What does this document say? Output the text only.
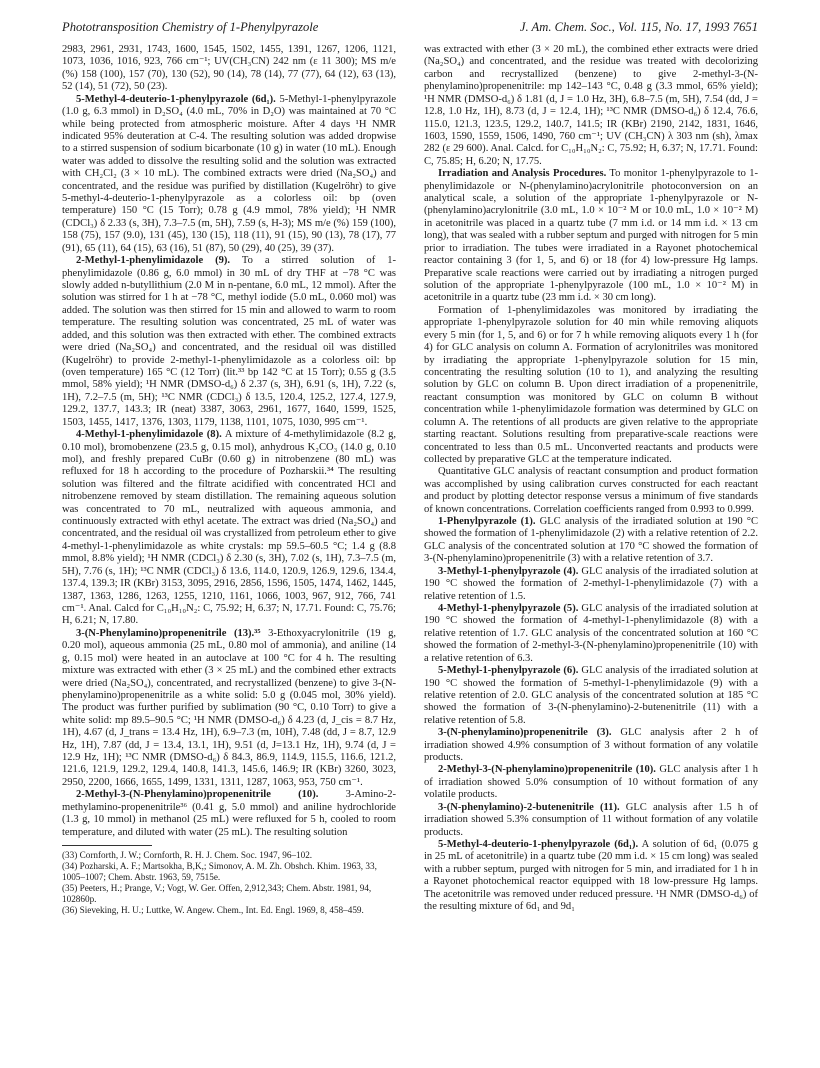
Phototransposition Chemistry of 1-Phenylpyrazole	J. Am. Chem. Soc., Vol. 115, No. 17, 1993 7651

2983, 2961, 2931, 1743, 1600, 1545, 1502, 1455, 1391, 1267, 1206, 1121, 1073, 1036, 1016, 923, 766 cm⁻¹; UV(CH₃CN) 242 nm (ε 11 300); MS m/e (%) 158 (100), 157 (70), 130 (52), 90 (14), 78 (14), 77 (77), 64 (12), 63 (13), 52 (14), 51 (72), 50 (23).

5-Methyl-4-deuterio-1-phenylpyrazole (6d₁). 5-Methyl-1-phenylpyrazole (1.0 g, 6.3 mmol) in D₂SO₄ (4.0 mL, 70% in D₂O) was maintained at 70 °C while being protected from atmospheric moisture. After 4 days ¹H NMR indicated 95% deuteration at C-4. The resulting solution was added dropwise to a stirred suspension of sodium bicarbonate (10 g) in water (10 mL). Enough water was added to dissolve the resulting solid and the solution was extracted with CH₂Cl₂ (3 × 10 mL). The combined extracts were dried (Na₂SO₄) and concentrated, and the residue was purified by distillation (Kugelröhr) to give 5-methyl-4-deuterio-1-phenylpyrazole as a colorless oil: bp (oven temperature) 150 °C (15 Torr); 0.78 g (4.9 mmol, 78% yield); ¹H NMR (CDCl₃) δ 2.33 (s, 3H), 7.3–7.5 (m, 5H), 7.59 (s, H-3); MS m/e (%) 159 (100), 158 (75), 157 (9.0), 131 (45), 130 (15), 118 (11), 91 (15), 90 (13), 78 (17), 77 (91), 65 (11), 64 (15), 63 (16), 51 (87), 50 (29), 40 (25), 39 (37).

2-Methyl-1-phenylimidazole (9). To a stirred solution of 1-phenylimidazole (0.86 g, 6.0 mmol) in 30 mL of dry THF at −78 °C was slowly added n-butyllithium (2.0 M in n-pentane, 6.0 mL, 12 mmol). After the solution was stirred for 1 h at −78 °C, methyl iodide (5.0 mL, 0.060 mol) was added. The solution was then stirred for 15 min and allowed to warm to room temperature. The resulting solution was concentrated, 25 mL of water was added, and this solution was then extracted with ether. The combined extracts were dried (Na₂SO₄) and concentrated, and the residual oil was distilled (Kugelröhr) to provide 2-methyl-1-phenylimidazole as a colorless oil: bp (oven temperature) 165 °C (12 Torr) (lit.³³ bp 142 °C at 15 Torr); 0.55 g (3.5 mmol, 58% yield); ¹H NMR (DMSO-d₆) δ 2.37 (s, 3H), 6.91 (s, 1H), 7.22 (s, 1H), 7.2–7.5 (m, 5H); ¹³C NMR (CDCl₃) δ 13.5, 120.4, 125.2, 127.4, 127.9, 129.2, 137.7, 143.3; IR (neat) 3387, 3063, 2961, 1677, 1640, 1599, 1525, 1503, 1455, 1417, 1376, 1303, 1179, 1138, 1101, 1075, 1030, 995 cm⁻¹.

4-Methyl-1-phenylimidazole (8). A mixture of 4-methylimidazole (8.2 g, 0.10 mol), bromobenzene (23.5 g, 0.15 mol), anhydrous K₂CO₃ (14.0 g, 0.10 mol), and freshly prepared CuBr (0.60 g) in nitrobenzene (80 mL) was refluxed for 18 h according to the procedure of Pozharskii.³⁴ The resulting solution was filtered and the filtrate acidified with concentrated HCl and nitrobenzene removed by steam distillation. The remaining aqueous solution was concentrated to 70 mL, neutralized with aqueous ammonia, and continuously extracted with ethyl acetate. The extract was dried (Na₂SO₄) and concentrated, and the residual oil was crystallized from petroleum ether to give 4-methyl-1-phenylimidazole as white crystals: mp 59.5–60.5 °C; 1.4 g (8.8 mmol, 8.8% yield); ¹H NMR (CDCl₃) δ 2.30 (s, 3H), 7.02 (s, 1H), 7.3–7.5 (m, 5H), 7.76 (s, 1H); ¹³C NMR (CDCl₃) δ 13.6, 114.0, 120.9, 126.9, 129.6, 134.4, 137.4, 139.3; IR (KBr) 3153, 3095, 2916, 2856, 1596, 1505, 1474, 1462, 1445, 1387, 1363, 1286, 1263, 1255, 1210, 1161, 1066, 1003, 967, 912, 766, 741 cm⁻¹. Anal. Calcd for C₁₀H₁₀N₂: C, 75.92; H, 6.37; N, 17.71. Found: C, 75.76; H, 6.21; N, 17.80.

3-(N-Phenylamino)propenenitrile (13).³⁵ 3-Ethoxyacrylonitrile (19 g, 0.20 mol), aqueous ammonia (25 mL, 0.80 mol of ammonia), and aniline (14 g, 0.15 mol) were heated in an autoclave at 100 °C for 4 h. The resulting mixture was extracted with ether (3 × 25 mL) and the combined ether extracts were dried (Na₂SO₄), concentrated, and recrystallized (benzene) to give 3-(N-phenylamino)propenenitrile as a white solid: 5.0 g (0.045 mol, 30% yield). The product was further purified by sublimation (90 °C, 0.10 Torr) to give a white solid: mp 89.5–90.5 °C; ¹H NMR (DMSO-d₆) δ 4.23 (d, J_cis = 8.7 Hz, 1H), 4.67 (d, J_trans = 13.4 Hz, 1H), 6.9–7.3 (m, 10H), 7.48 (dd, J = 8.7, 12.9 Hz, 1H), 7.87 (dd, J = 13.4, 13.1, 1H), 9.51 (d, J=13.1 Hz, 1H), 9.74 (d, J = 12.9 Hz, 1H); ¹³C NMR (DMSO-d₆) δ 84.3, 86.9, 114.9, 115.5, 116.6, 121.2, 121.6, 121.9, 129.2, 129.4, 140.8, 141.3, 145.6, 146.9; IR (KBr) 3260, 3023, 2950, 2200, 1666, 1655, 1499, 1331, 1311, 1287, 1063, 953, 750 cm⁻¹.

2-Methyl-3-(N-Phenylamino)propenenitrile (10).	3-Amino-2-methylamino-propenenitrile³⁶ (0.41 g, 5.0 mmol) and aniline hydrochloride (1.3 g, 10 mmol) in methanol (25 mL) were refluxed for 5 h, cooled to room temperature, and diluted with water (25 mL). The resulting solution

(33) Cornforth, J. W.; Cornforth, R. H. J. Chem. Soc. 1947, 96–102.

(34) Pozharski, A. F.; Martsokha, B,K,; Simonov, A. M. Zh. Obshch. Khim. 1963, 33, 1005–1007; Chem. Abstr. 1963, 59, 7515e.

(35) Peeters, H.; Prange, V.; Vogt, W. Ger. Offen, 2,912,343; Chem. Abstr. 1981, 94, 102860p.

(36) Sieveking, H. U.; Luttke, W. Angew. Chem., Int. Ed. Engl. 1969, 8, 458–459.

was extracted with ether (3 × 20 mL), the combined ether extracts were dried (Na₂SO₄) and concentrated, and the residue was treated with decolorizing carbon and recrystallized (benzene) to give 2-methyl-3-(N-phenylamino)propenenitrile: mp 142–143 °C, 0.48 g (3.3 mmol, 65% yield); ¹H NMR (DMSO-d₆) δ 1.81 (d, J = 1.0 Hz, 3H), 6.8–7.5 (m, 5H), 7.54 (dd, J = 12.8, 1.0 Hz, 1H), 8.73 (d, J = 12.4, 1H); ¹³C NMR (DMSO-d₆) δ 12.4, 76.6, 115.0, 121.3, 123.5, 129.2, 140.7, 141.5; IR (KBr) 2190, 2142, 1831, 1646, 1603, 1590, 1559, 1506, 1490, 760 cm⁻¹; UV (CH₃CN) λ 303 nm (sh), λmax 282 (ε 29 600). Anal. Calcd. for C₁₀H₁₀N₂: C, 75.92; H, 6.37; N, 17.71. Found: C, 75.85; H, 6.20; N, 17.75.

Irradiation and Analysis Procedures. To monitor 1-phenylpyrazole to 1-phenylimidazole or N-(phenylamino)acrylonitrile photoconversion on an analytical scale, a solution of the appropriate 1-phenylpyrazole or N-(phenylamino)acrylonitrile (3.0 mL, 1.0 × 10⁻² M or 10.0 mL, 1.0 × 10⁻² M) in acetonitrile was placed in a quartz tube (7 mm i.d. or 14 mm i.d. × 13 cm long), that was sealed with a rubber septum and purged with nitrogen for 5 min prior to irradiation. The tubes were irradiated in a Rayonet photochemical reactor containing 3 (for 1, 5, and 6) or 18 (for 4) low-pressure Hg lamps. Preparative scale reactions were carried out by irradiating a nitrogen purged solution of the appropriate 1-phenylpyrazole (100 mL, 1.0 × 10⁻² M) in acetonitrile in a quartz tube (23 mm i.d. × 30 cm long).

Formation of 1-phenylimidazoles was monitored by irradiating the appropriate 1-phenylpyrazole solution for 40 min while removing aliquots every 5 min (for 1, 5, and 6) or for 7 h while removing aliquots every 1 h (for 4) for GLC analysis on column A. Formation of acrylonitriles was monitored by irradiating the appropriate 1-phenylpyrazole solution for 15 min, concentrating the resulting solution (10 to 1), and analyzing the resulting solution by GLC on column B. Upon direct irradiation of a propenenitrile, reactant consumption was monitored by GLC on column B without concentration while 1-phenylimidazole formation was determined by GLC on column A. The retentions of all products are given relative to the appropriate starting reactant. Solutions resulting from preparative-scale reactions were concentrated to less than 0.5 mL. Unconverted reactants and products were collected by preparative GLC at the temperature indicated.

Quantitative GLC analysis of reactant consumption and product formation was accomplished by using calibration curves constructed for each reactant and product by plotting detector response versus a minimum of five standards of known concentrations. Correlation coefficients ranged from 0.993 to 0.999.

1-Phenylpyrazole (1). GLC analysis of the irradiated solution at 190 °C showed the formation of 1-phenylimidazole (2) with a relative retention of 2.2. GLC analysis of the concentrated solution at 170 °C showed the formation of 3-(N-phenylamino)propenenitrile (3) with a relative retention of 3.7.

3-Methyl-1-phenylpyrazole (4). GLC analysis of the irradiated solution at 190 °C showed the formation of 2-methyl-1-phenylimidazole (7) with a relative retention of 1.5.

4-Methyl-1-phenylpyrazole (5). GLC analysis of the irradiated solution at 190 °C showed the formation of 4-methyl-1-phenylimidazole (8) with a relative retention of 1.7. GLC analysis of the concentrated solution at 160 °C showed the formation of 2-methyl-3-(N-phenylamino)propenenitrile (10) with a relative retention of 6.3.

5-Methyl-1-phenylpyrazole (6). GLC analysis of the irradiated solution at 190 °C showed the formation of 5-methyl-1-phenylimidazole (9) with a relative retention of 2.0. GLC analysis of the concentrated solution at 185 °C showed the formation of 3-(N-phenylamino)-2-butenenitrile (11) with a relative retention of 5.8.

3-(N-phenylamino)propenenitrile (3). GLC analysis after 2 h of irradiation showed 4.9% consumption of 3 without formation of any volatile products.

2-Methyl-3-(N-phenylamino)propenenitrile (10). GLC analysis after 1 h of irradiation showed 5.0% consumption of 10 without formation of any volatile products.

3-(N-phenylamino)-2-butenenitrile (11). GLC analysis after 1.5 h of irradiation showed 5.3% consumption of 11 without formation of any volatile products.

5-Methyl-4-deuterio-1-phenylpyrazole (6d₁). A solution of 6d₁ (0.075 g in 25 mL of acetonitrile) in a quartz tube (20 mm i.d. × 15 cm long) was sealed with a rubber septum, purged with nitrogen for 5 min, and irradiated for 1 h in a Rayonet photochemical reactor equipped with 18 low-pressure Hg lamps. The acetonitrile was removed under reduced pressure. ¹H NMR (DMSO-d₆) of the resulting mixture of 6d₁ and 9d₁
